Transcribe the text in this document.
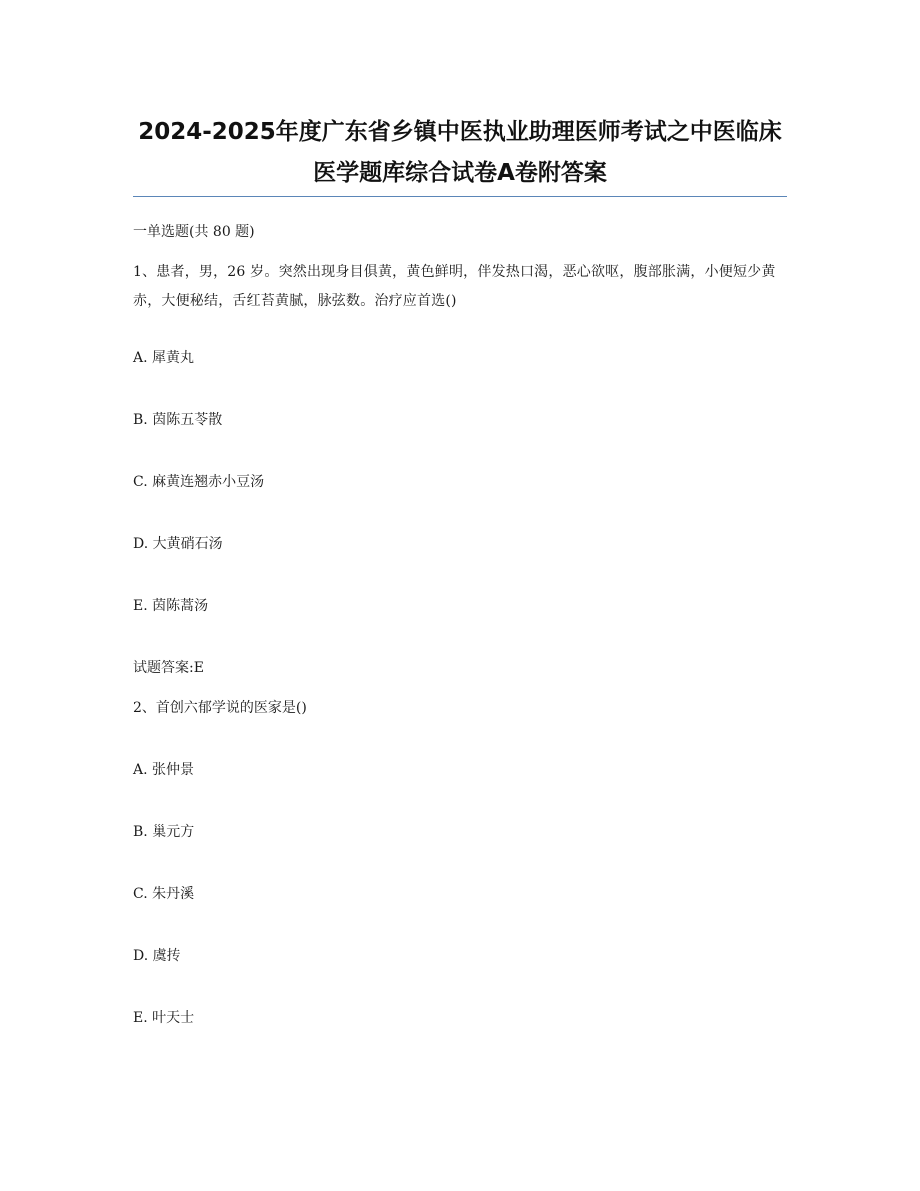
2024-2025年度广东省乡镇中医执业助理医师考试之中医临床医学题库综合试卷A卷附答案
一单选题(共 80 题)
1、患者，男，26 岁。突然出现身目俱黄，黄色鲜明，伴发热口渴，恶心欲呕，腹部胀满，小便短少黄赤，大便秘结，舌红苔黄腻，脉弦数。治疗应首选()
A. 犀黄丸
B. 茵陈五苓散
C. 麻黄连翘赤小豆汤
D. 大黄硝石汤
E. 茵陈蒿汤
试题答案:E
2、首创六郁学说的医家是()
A. 张仲景
B. 巢元方
C. 朱丹溪
D. 虞抟
E. 叶天士
